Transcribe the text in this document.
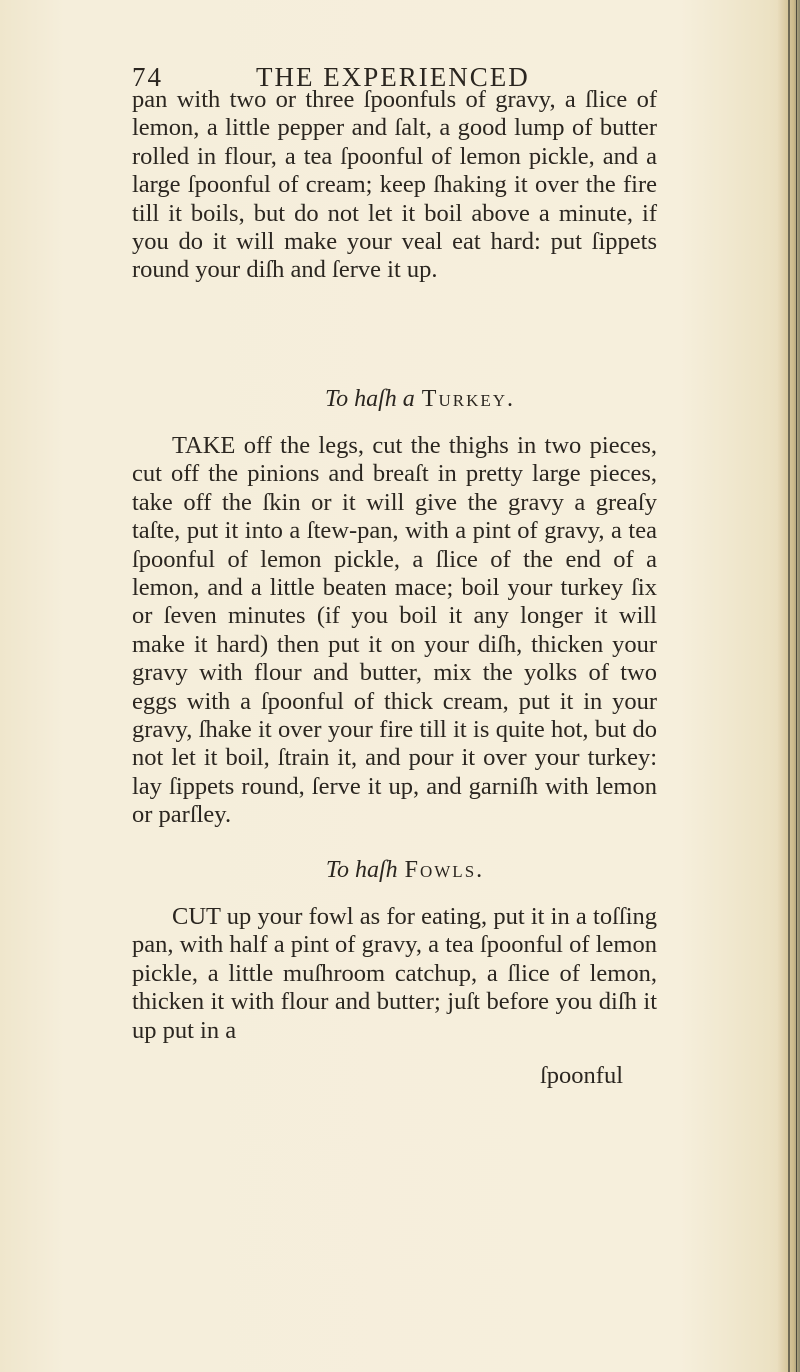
74	THE EXPERIENCED

pan with two or three ſpoonfuls of gravy, a ſlice of lemon, a little pepper and ſalt, a good lump of butter rolled in flour, a tea ſpoonful of lemon pickle, and a large ſpoonful of cream; keep ſhaking it over the fire till it boils, but do not let it boil above a minute, if you do it will make your veal eat hard: put ſippets round your diſh and ſerve it up.

To haſh a Turkey.

TAKE off the legs, cut the thighs in two pieces, cut off the pinions and breaſt in pretty large pieces, take off the ſkin or it will give the gravy a greaſy taſte, put it into a ſtew-pan, with a pint of gravy, a tea ſpoonful of lemon pickle, a ſlice of the end of a lemon, and a little beaten mace; boil your turkey ſix or ſeven minutes (if you boil it any longer it will make it hard) then put it on your diſh, thicken your gravy with flour and butter, mix the yolks of two eggs with a ſpoonful of thick cream, put it in your gravy, ſhake it over your fire till it is quite hot, but do not let it boil, ſtrain it, and pour it over your turkey: lay ſippets round, ſerve it up, and garniſh with lemon or parſley.

To haſh Fowls.

CUT up your fowl as for eating, put it in a toſſing pan, with half a pint of gravy, a tea ſpoonful of lemon pickle, a little muſhroom catchup, a ſlice of lemon, thicken it with flour and butter; juſt before you diſh it up put in a

ſpoonful
